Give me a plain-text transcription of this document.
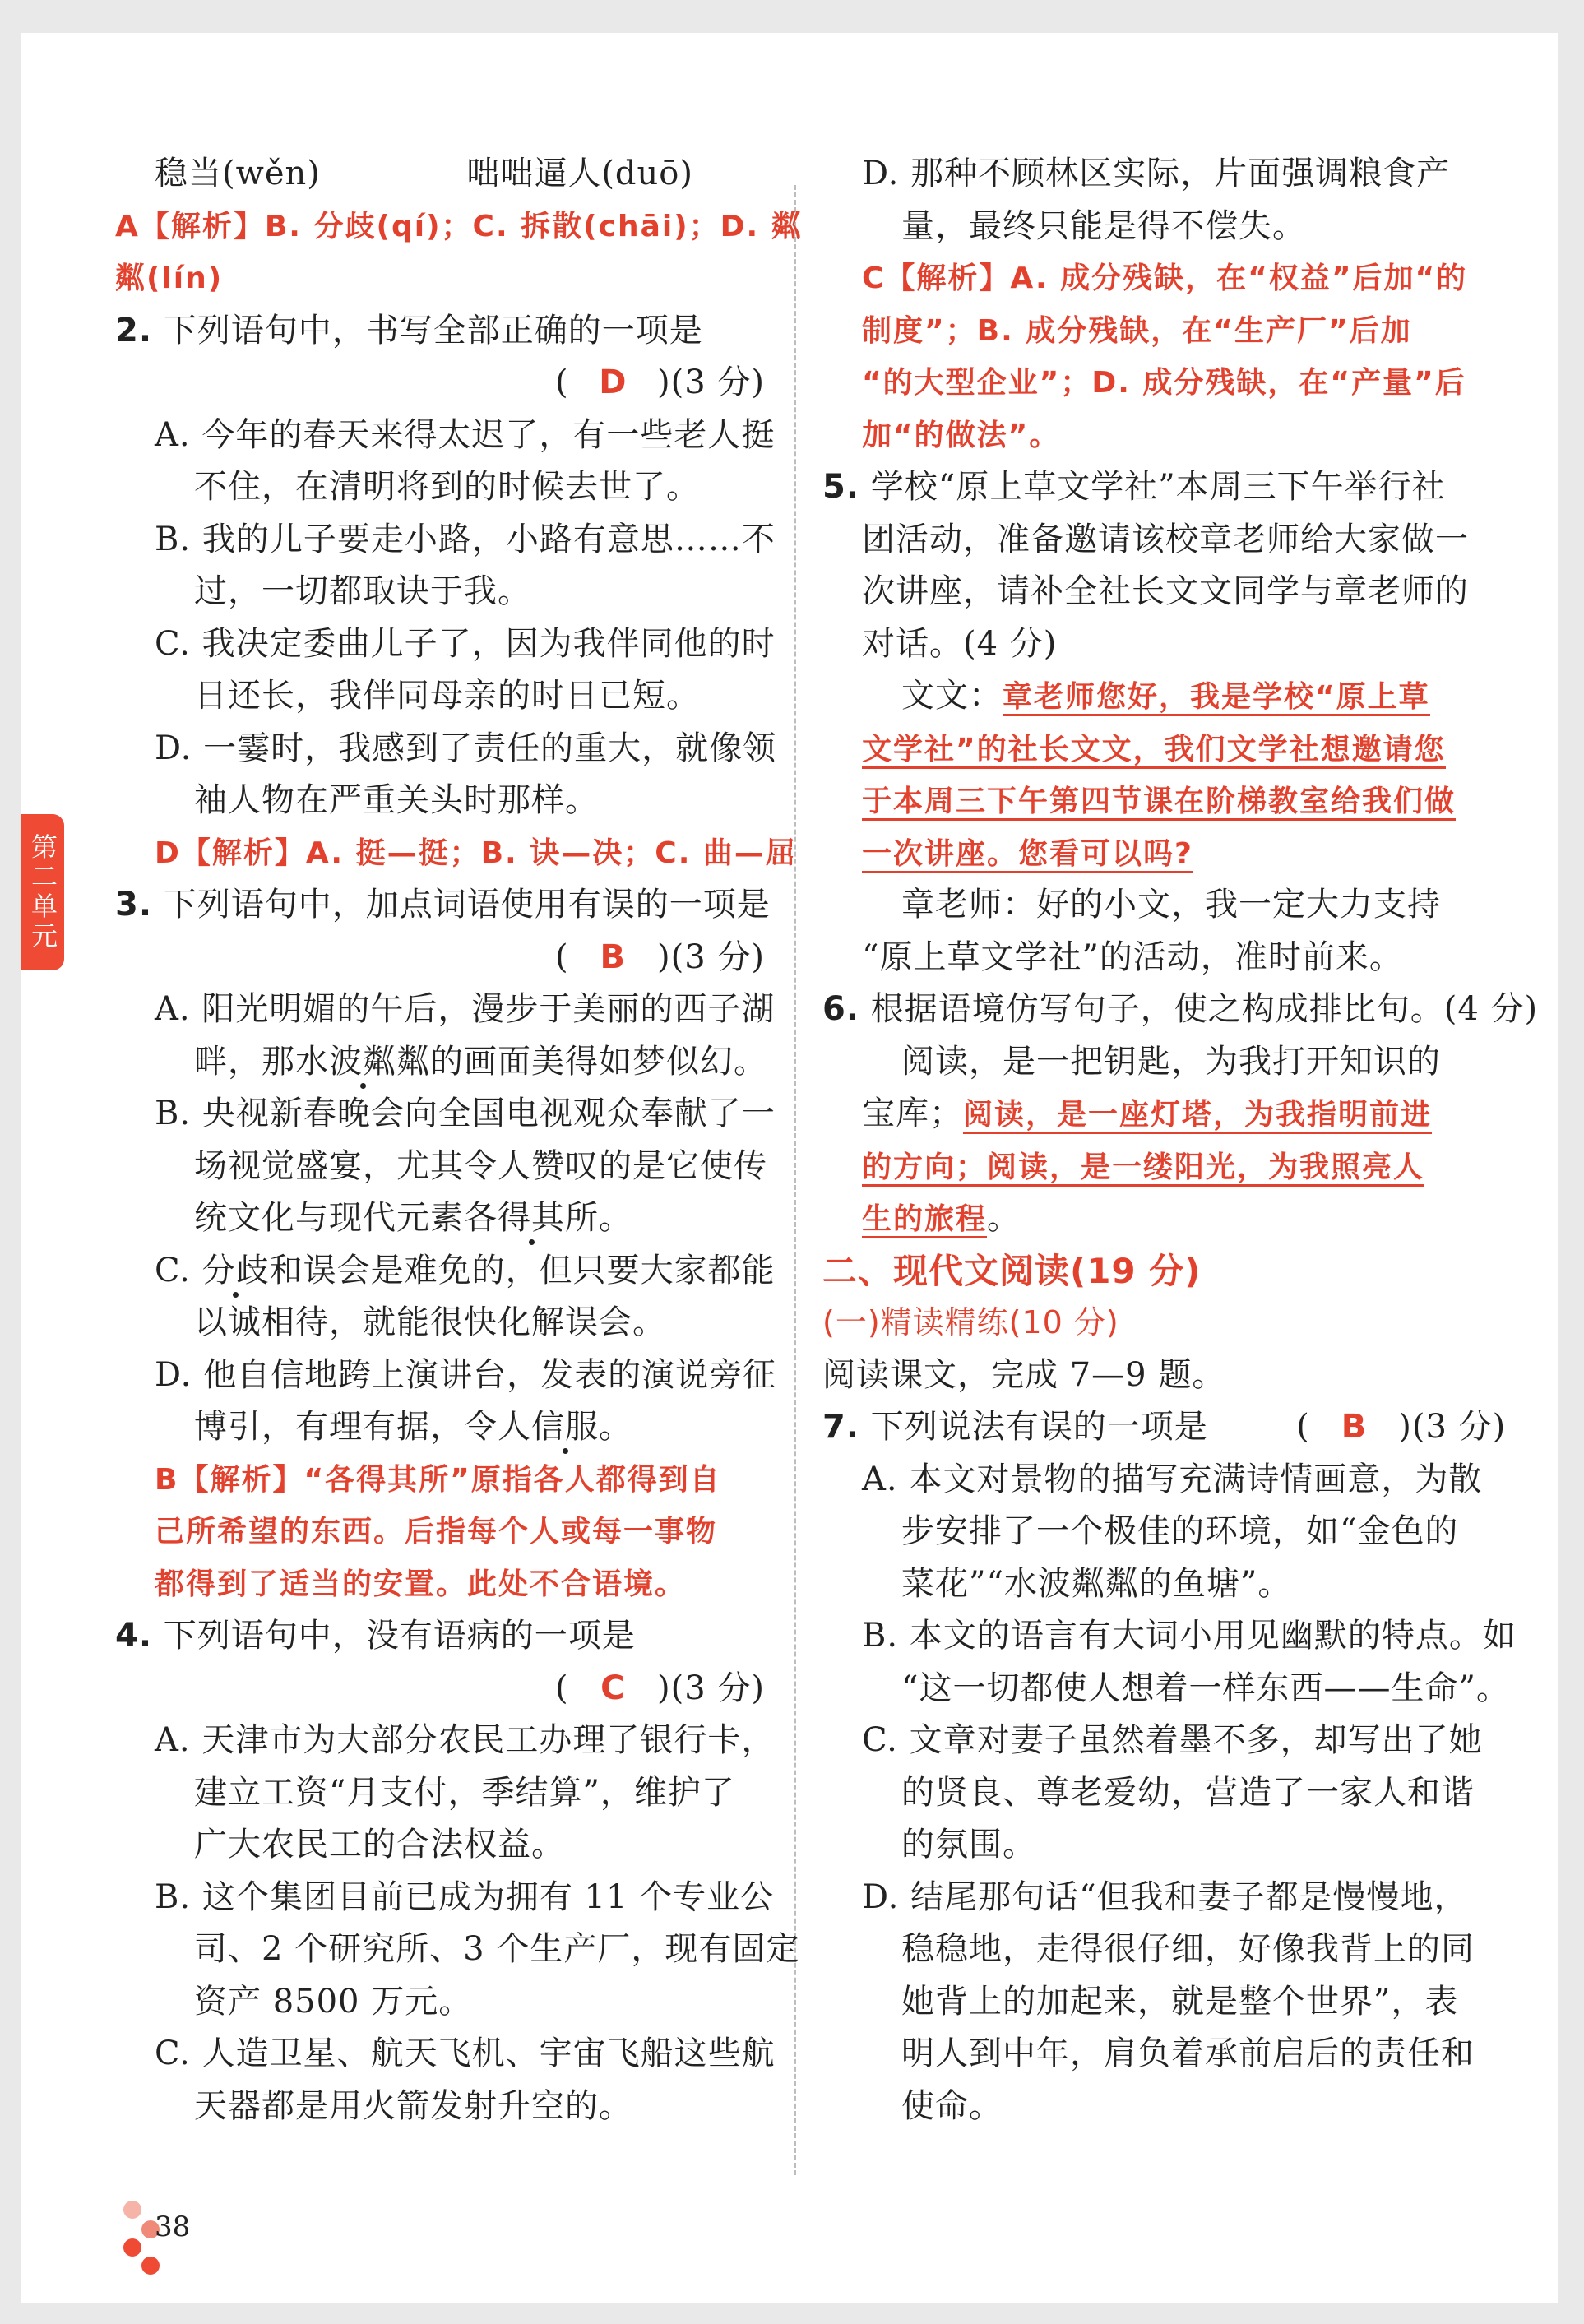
第二单元
稳当(wěn)	咄咄逼人(duō)
A【解析】B. 分歧(qí)；C. 拆散(chāi)；D. 粼
粼(lín)
2. 下列语句中，书写全部正确的一项是
( D )(3 分)
A. 今年的春天来得太迟了，有一些老人挺
不住，在清明将到的时候去世了。
B. 我的儿子要走小路，小路有意思……不
过，一切都取诀于我。
C. 我决定委曲儿子了，因为我伴同他的时
日还长，我伴同母亲的时日已短。
D. 一霎时，我感到了责任的重大，就像领
袖人物在严重关头时那样。
D【解析】A. 挺—挺；B. 诀—决；C. 曲—屈
3. 下列语句中，加点词语使用有误的一项是
( B )(3 分)
A. 阳光明媚的午后，漫步于美丽的西子湖
畔，那水波粼粼的画面美得如梦似幻。
B. 央视新春晚会向全国电视观众奉献了一
场视觉盛宴，尤其令人赞叹的是它使传
统文化与现代元素各得其所。
C. 分歧和误会是难免的，但只要大家都能
以诚相待，就能很快化解误会。
D. 他自信地跨上演讲台，发表的演说旁征
博引，有理有据，令人信服。
B【解析】“各得其所”原指各人都得到自
己所希望的东西。后指每个人或每一事物
都得到了适当的安置。此处不合语境。
4. 下列语句中，没有语病的一项是
( C )(3 分)
A. 天津市为大部分农民工办理了银行卡，
建立工资“月支付，季结算”，维护了
广大农民工的合法权益。
B. 这个集团目前已成为拥有 11 个专业公
司、2 个研究所、3 个生产厂，现有固定
资产 8500 万元。
C. 人造卫星、航天飞机、宇宙飞船这些航
天器都是用火箭发射升空的。
D. 那种不顾林区实际，片面强调粮食产
量，最终只能是得不偿失。
C【解析】A. 成分残缺，在“权益”后加“的
制度”；B. 成分残缺，在“生产厂”后加
“的大型企业”；D. 成分残缺，在“产量”后
加“的做法”。
5. 学校“原上草文学社”本周三下午举行社
团活动，准备邀请该校章老师给大家做一
次讲座，请补全社长文文同学与章老师的
对话。(4 分)
文文：章老师您好，我是学校“原上草
文学社”的社长文文，我们文学社想邀请您
于本周三下午第四节课在阶梯教室给我们做
一次讲座。您看可以吗?
章老师：好的小文，我一定大力支持
“原上草文学社”的活动，准时前来。
6. 根据语境仿写句子，使之构成排比句。(4 分)
阅读，是一把钥匙，为我打开知识的
宝库；阅读，是一座灯塔，为我指明前进
的方向；阅读，是一缕阳光，为我照亮人
生的旅程。
二、现代文阅读(19 分)
(一)精读精练(10 分)
阅读课文，完成 7—9 题。
7. 下列说法有误的一项是	( B )(3 分)
A. 本文对景物的描写充满诗情画意，为散
步安排了一个极佳的环境，如“金色的
菜花”“水波粼粼的鱼塘”。
B. 本文的语言有大词小用见幽默的特点。如
“这一切都使人想着一样东西——生命”。
C. 文章对妻子虽然着墨不多，却写出了她
的贤良、尊老爱幼，营造了一家人和谐
的氛围。
D. 结尾那句话“但我和妻子都是慢慢地，
稳稳地，走得很仔细，好像我背上的同
她背上的加起来，就是整个世界”，表
明人到中年，肩负着承前启后的责任和
使命。
38
